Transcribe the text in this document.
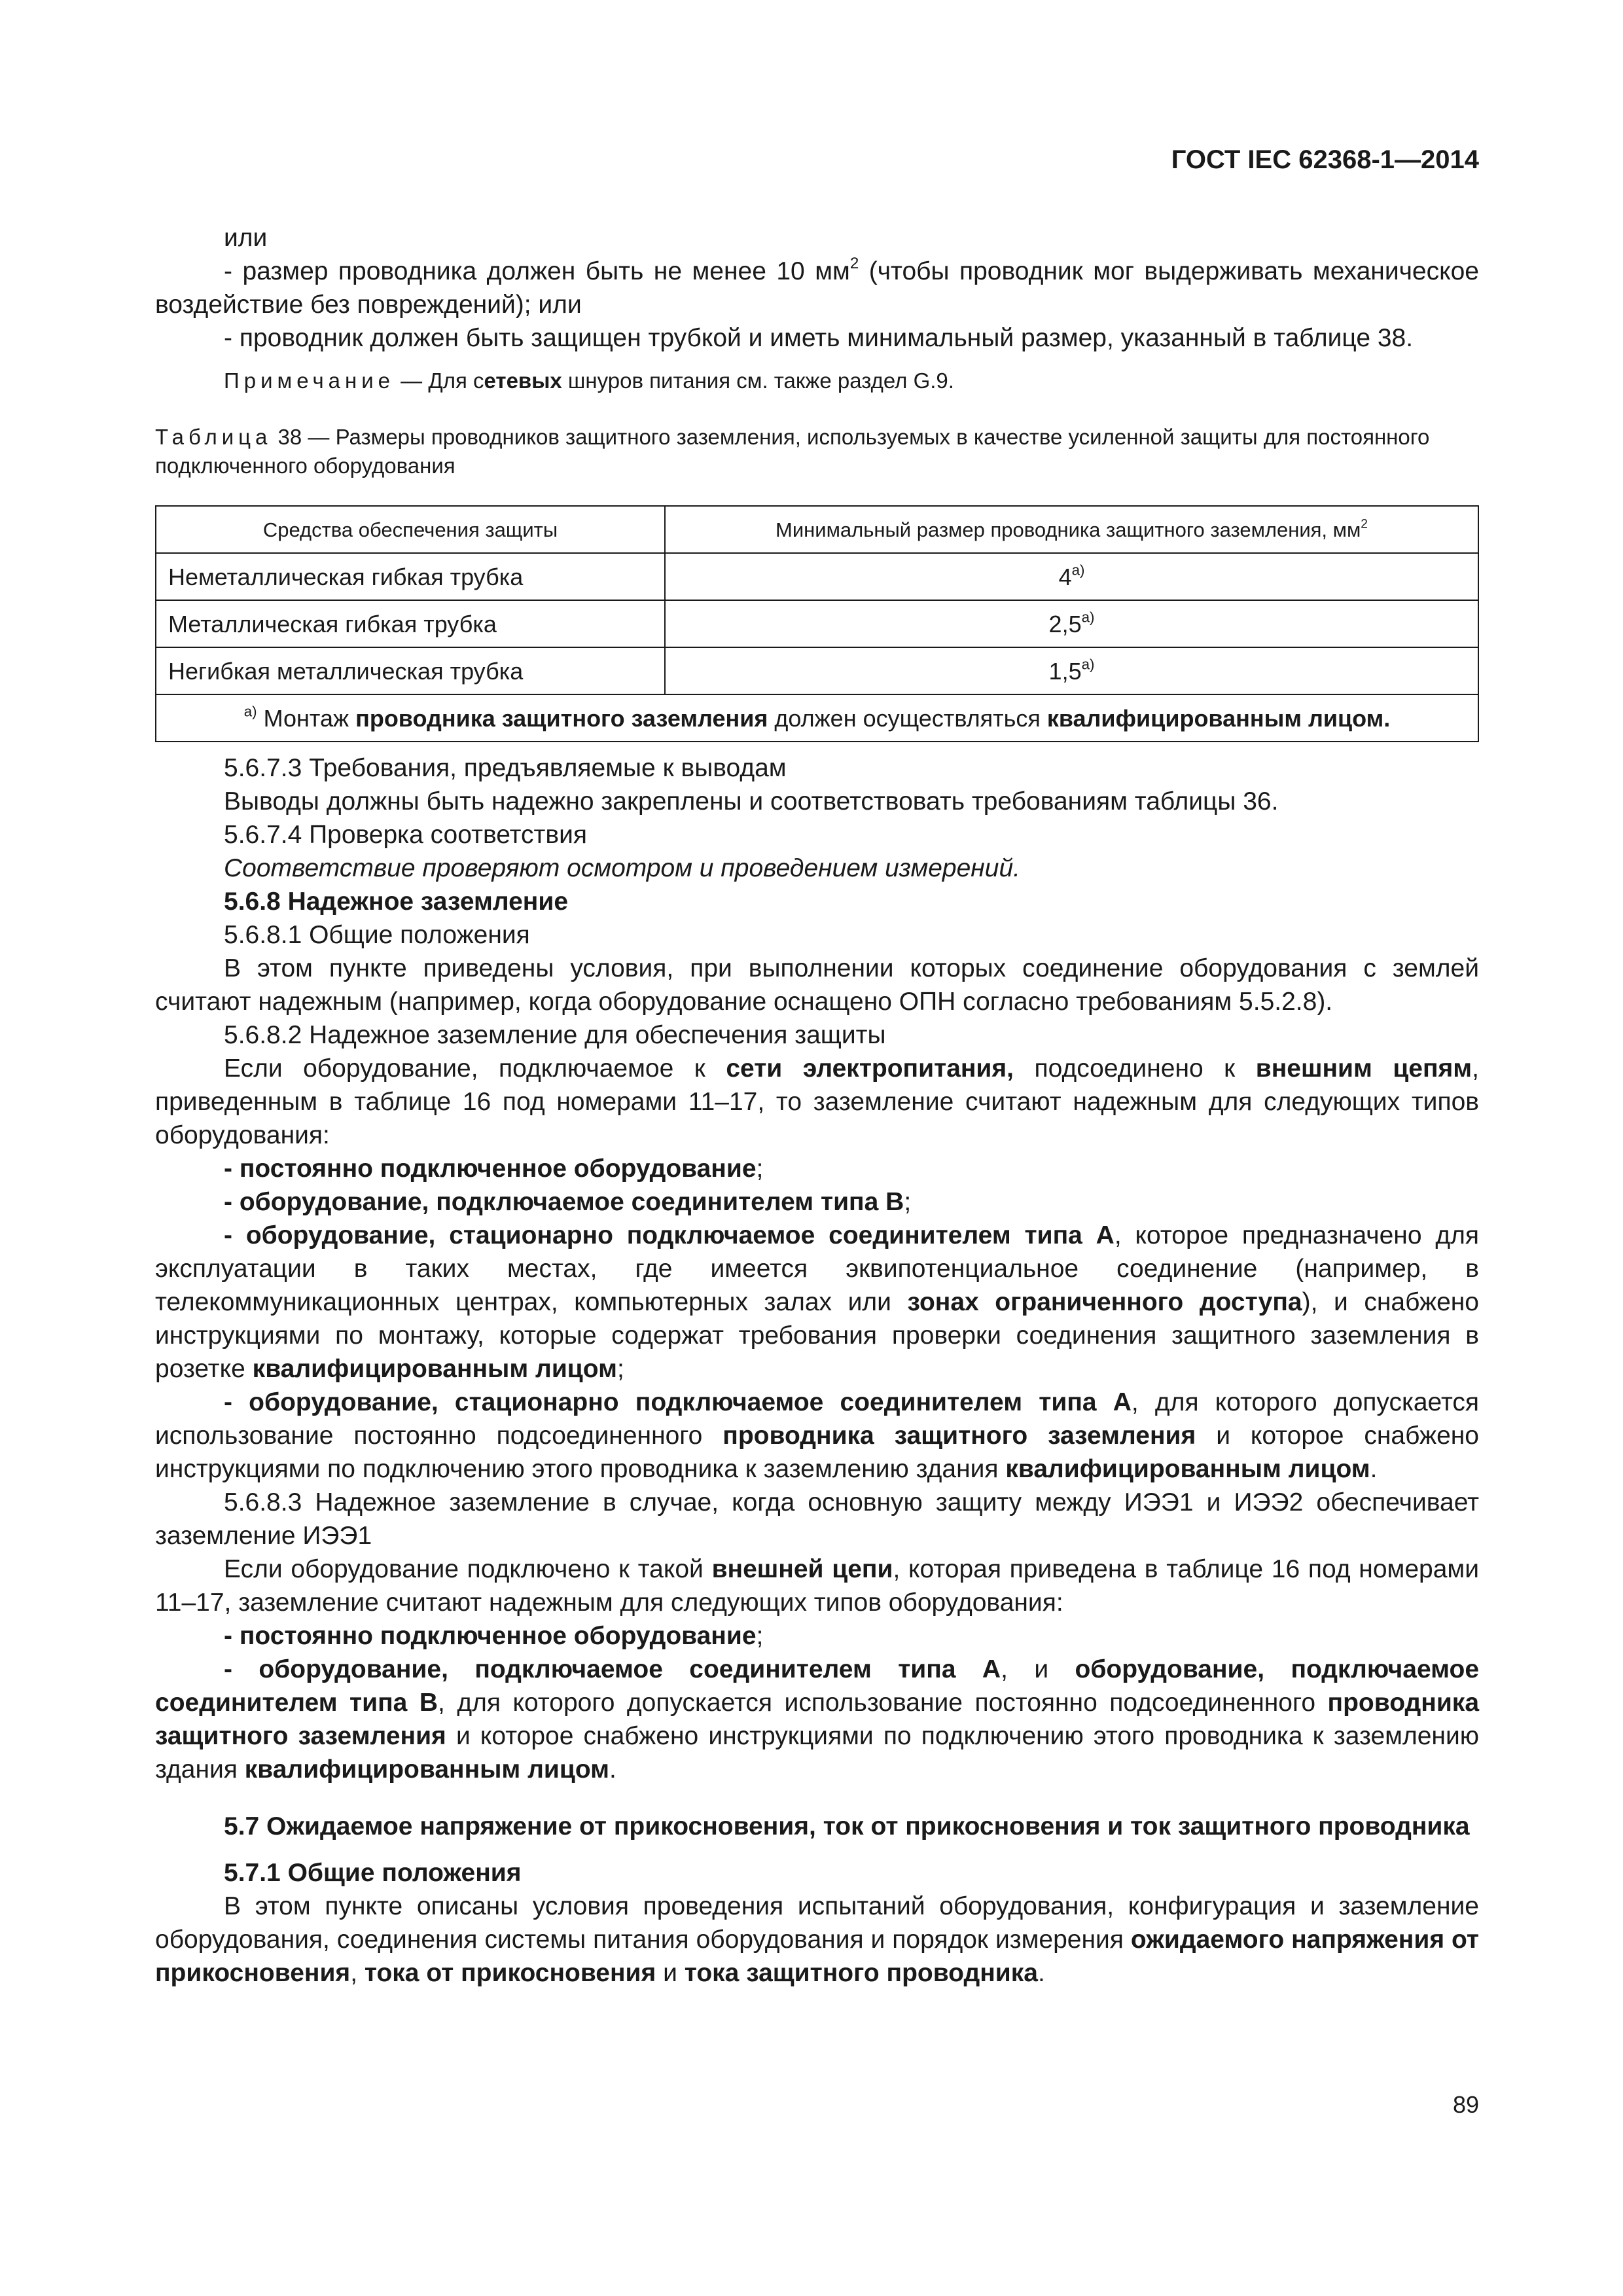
ГОСТ IEC 62368-1—2014

или

- размер проводника должен быть не менее 10 $мм^2$ (чтобы проводник мог выдерживать механическое воздействие без повреждений); или

- проводник должен быть защищен трубкой и иметь минимальный размер, указанный в таблице 38.

Примечание — Для сетевых шнуров питания см. также раздел G.9.

Таблица 38 — Размеры проводников защитного заземления, используемых в качестве усиленной защиты для постоянного подключенного оборудования

Средства обеспечения защиты	Минимальный размер проводника защитного заземления, $мм^2$
Неметаллическая гибкая трубка	$4^{а)}$
Металлическая гибкая трубка	$2,5^{а)}$
Негибкая металлическая трубка	$1,5^{а)}$
$^{а)}$ Монтаж проводника защитного заземления должен осуществляться квалифицированным лицом.	

5.6.7.3 Требования, предъявляемые к выводам

Выводы должны быть надежно закреплены и соответствовать требованиям таблицы 36.

5.6.7.4 Проверка соответствия

Соответствие проверяют осмотром и проведением измерений.

5.6.8 Надежное заземление

5.6.8.1 Общие положения

В этом пункте приведены условия, при выполнении которых соединение оборудования с землей считают надежным (например, когда оборудование оснащено ОПН согласно требованиям 5.5.2.8).

5.6.8.2 Надежное заземление для обеспечения защиты

Если оборудование, подключаемое к сети электропитания, подсоединено к внешним цепям, приведенным в таблице 16 под номерами 11–17, то заземление считают надежным для следующих типов оборудования:

- постоянно подключенное оборудование;

- оборудование, подключаемое соединителем типа В;

- оборудование, стационарно подключаемое соединителем типа А, которое предназначено для эксплуатации в таких местах, где имеется эквипотенциальное соединение (например, в телекоммуникационных центрах, компьютерных залах или зонах ограниченного доступа), и снабжено инструкциями по монтажу, которые содержат требования проверки соединения защитного заземления в розетке квалифицированным лицом;

- оборудование, стационарно подключаемое соединителем типа А, для которого допускается использование постоянно подсоединенного проводника защитного заземления и которое снабжено инструкциями по подключению этого проводника к заземлению здания квалифицированным лицом.

5.6.8.3 Надежное заземление в случае, когда основную защиту между ИЭЭ1 и ИЭЭ2 обеспечивает заземление ИЭЭ1

Если оборудование подключено к такой внешней цепи, которая приведена в таблице 16 под номерами 11–17, заземление считают надежным для следующих типов оборудования:

- постоянно подключенное оборудование;

- оборудование, подключаемое соединителем типа А, и оборудование, подключаемое соединителем типа В, для которого допускается использование постоянно подсоединенного проводника защитного заземления и которое снабжено инструкциями по подключению этого проводника к заземлению здания квалифицированным лицом.

5.7 Ожидаемое напряжение от прикосновения, ток от прикосновения и ток защитного проводника

5.7.1 Общие положения

В этом пункте описаны условия проведения испытаний оборудования, конфигурация и заземление оборудования, соединения системы питания оборудования и порядок измерения ожидаемого напряжения от прикосновения, тока от прикосновения и тока защитного проводника.

89
